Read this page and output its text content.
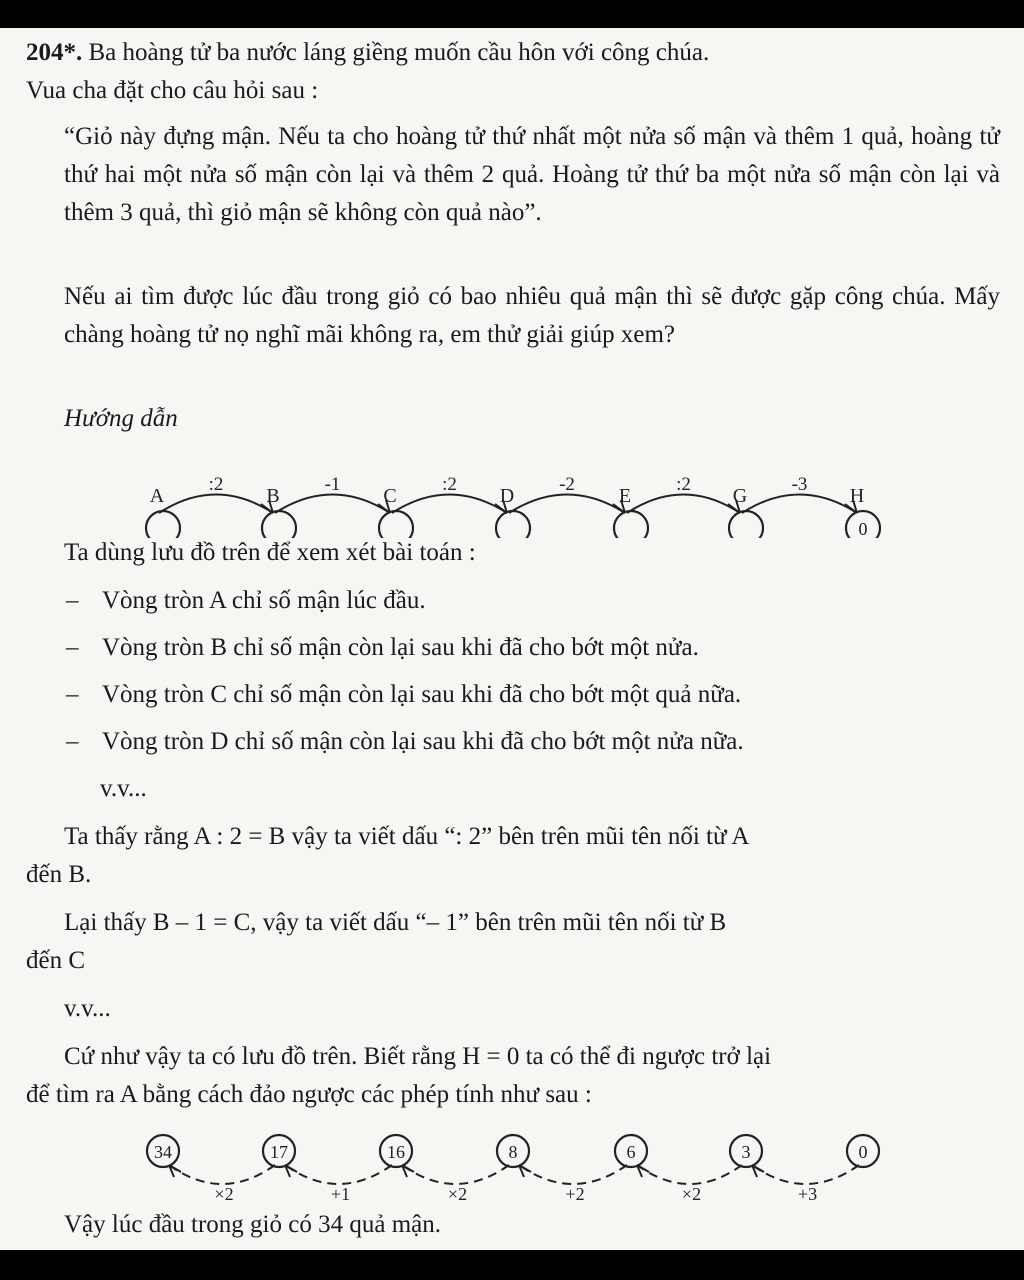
204*. Ba hoàng tử ba nước láng giềng muốn cầu hôn với công chúa.
Vua cha đặt cho câu hỏi sau :
“Giỏ này đựng mận. Nếu ta cho hoàng tử thứ nhất một nửa số mận và thêm 1 quả, hoàng tử thứ hai một nửa số mận còn lại và thêm 2 quả. Hoàng tử thứ ba một nửa số mận còn lại và thêm 3 quả, thì giỏ mận sẽ không còn quả nào”.
Nếu ai tìm được lúc đầu trong giỏ có bao nhiêu quả mận thì sẽ được gặp công chúa. Mấy chàng hoàng tử nọ nghĩ mãi không ra, em thử giải giúp xem?
Hướng dẫn
A	B	C	D	E	G	H
0
:2	-1	:2	-2	:2	-3
Ta dùng lưu đồ trên để xem xét bài toán :
– Vòng tròn A chỉ số mận lúc đầu.
– Vòng tròn B chỉ số mận còn lại sau khi đã cho bớt một nửa.
– Vòng tròn C chỉ số mận còn lại sau khi đã cho bớt một quả nữa.
– Vòng tròn D chỉ số mận còn lại sau khi đã cho bớt một nửa nữa.
v.v...
Ta thấy rằng A : 2 = B vậy ta viết dấu “: 2” bên trên mũi tên nối từ A
đến B.
Lại thấy B – 1 = C, vậy ta viết dấu “– 1” bên trên mũi tên nối từ B
đến C
v.v...
Cứ như vậy ta có lưu đồ trên. Biết rằng H = 0 ta có thể đi ngược trở lại
để tìm ra A bằng cách đảo ngược các phép tính như sau :
34	17	16	8	6	3	0
×2	+1	×2	+2	×2	+3
Vậy lúc đầu trong giỏ có 34 quả mận.
